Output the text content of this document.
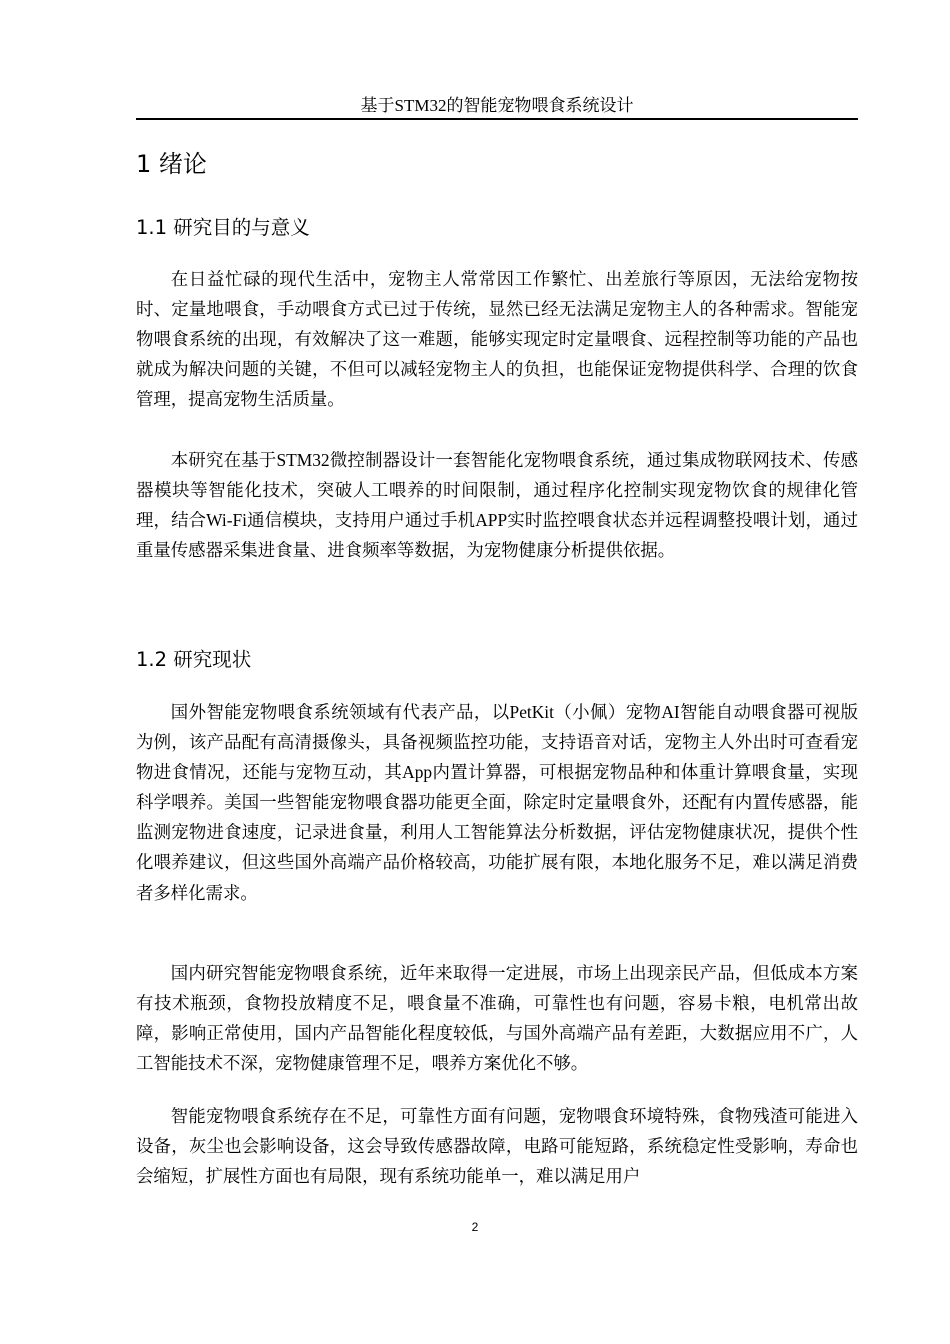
基于STM32的智能宠物喂食系统设计
1 绪论
1.1 研究目的与意义

在日益忙碌的现代生活中，宠物主人常常因工作繁忙、出差旅行等原因，无法给宠物按时、定量地喂食，手动喂食方式已过于传统，显然已经无法满足宠物主人的各种需求。智能宠物喂食系统的出现，有效解决了这一难题，能够实现定时定量喂食、远程控制等功能的产品也就成为解决问题的关键，不但可以减轻宠物主人的负担，也能保证宠物提供科学、合理的饮食管理，提高宠物生活质量。

本研究在基于STM32微控制器设计一套智能化宠物喂食系统，通过集成物联网技术、传感器模块等智能化技术，突破人工喂养的时间限制，通过程序化控制实现宠物饮食的规律化管理，结合Wi-Fi通信模块，支持用户通过手机APP实时监控喂食状态并远程调整投喂计划，通过重量传感器采集进食量、进食频率等数据，为宠物健康分析提供依据。

1.2 研究现状

国外智能宠物喂食系统领域有代表产品，以PetKit（小佩）宠物AI智能自动喂食器可视版为例，该产品配有高清摄像头，具备视频监控功能，支持语音对话，宠物主人外出时可查看宠物进食情况，还能与宠物互动，其App内置计算器，可根据宠物品种和体重计算喂食量，实现科学喂养。美国一些智能宠物喂食器功能更全面，除定时定量喂食外，还配有内置传感器，能监测宠物进食速度，记录进食量，利用人工智能算法分析数据，评估宠物健康状况，提供个性化喂养建议，但这些国外高端产品价格较高，功能扩展有限，本地化服务不足，难以满足消费者多样化需求。

国内研究智能宠物喂食系统，近年来取得一定进展，市场上出现亲民产品，但低成本方案有技术瓶颈，食物投放精度不足，喂食量不准确，可靠性也有问题，容易卡粮，电机常出故障，影响正常使用，国内产品智能化程度较低，与国外高端产品有差距，大数据应用不广，人工智能技术不深，宠物健康管理不足，喂养方案优化不够。

智能宠物喂食系统存在不足，可靠性方面有问题，宠物喂食环境特殊，食物残渣可能进入设备，灰尘也会影响设备，这会导致传感器故障，电路可能短路，系统稳定性受影响，寿命也会缩短，扩展性方面也有局限，现有系统功能单一，难以满足用户

2
